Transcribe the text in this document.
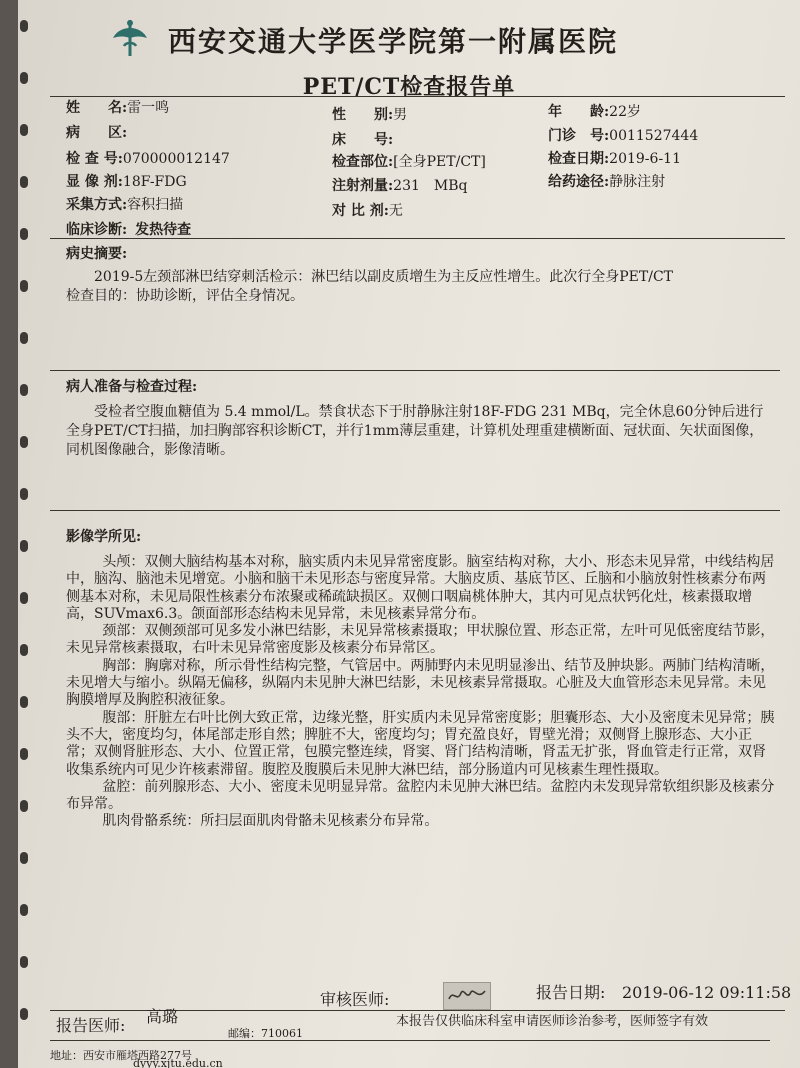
西安交通大学医学院第一附属医院
PET/CT检查报告单
姓　　名:雷一鸣	性　　别:男	年　　龄:22岁
病　　区:	床　　号:	门诊　号:0011527444
检 查 号:070000012147	检查部位:[全身PET/CT]	检查日期:2019-6-11
显 像 剂:18F-FDG	注射剂量:231　MBq	给药途径:静脉注射
采集方式:容积扫描	对 比 剂:无
临床诊断: 发热待查
病史摘要:

2019-5左颈部淋巴结穿刺活检示：淋巴结以副皮质增生为主反应性增生。此次行全身PET/CT

检查目的：协助诊断，评估全身情况。

病人准备与检查过程:

受检者空腹血糖值为 5.4 mmol/L。禁食状态下于肘静脉注射18F-FDG 231 MBq，完全休息60分钟后进行全身PET/CT扫描，加扫胸部容积诊断CT，并行1mm薄层重建，计算机处理重建横断面、冠状面、矢状面图像，同机图像融合，影像清晰。

影像学所见:

头颅：双侧大脑结构基本对称，脑实质内未见异常密度影。脑室结构对称，大小、形态未见异常，中线结构居中，脑沟、脑池未见增宽。小脑和脑干未见形态与密度异常。大脑皮质、基底节区、丘脑和小脑放射性核素分布两侧基本对称，未见局限性核素分布浓聚或稀疏缺损区。双侧口咽扁桃体肿大，其内可见点状钙化灶，核素摄取增高，SUVmax6.3。颌面部形态结构未见异常，未见核素异常分布。

颈部：双侧颈部可见多发小淋巴结影，未见异常核素摄取；甲状腺位置、形态正常，左叶可见低密度结节影，未见异常核素摄取，右叶未见异常密度影及核素分布异常区。

胸部：胸廓对称，所示骨性结构完整，气管居中。两肺野内未见明显渗出、结节及肿块影。两肺门结构清晰，未见增大与缩小。纵隔无偏移，纵隔内未见肿大淋巴结影，未见核素异常摄取。心脏及大血管形态未见异常。未见胸膜增厚及胸腔积液征象。

腹部：肝脏左右叶比例大致正常，边缘光整，肝实质内未见异常密度影；胆囊形态、大小及密度未见异常；胰头不大，密度均匀，体尾部走形自然；脾脏不大，密度均匀；胃充盈良好，胃壁光滑；双侧肾上腺形态、大小正常；双侧肾脏形态、大小、位置正常，包膜完整连续，肾窦、肾门结构清晰，肾盂无扩张，肾血管走行正常，双肾收集系统内可见少许核素滞留。腹腔及腹膜后未见肿大淋巴结，部分肠道内可见核素生理性摄取。

盆腔：前列腺形态、大小、密度未见明显异常。盆腔内未见肿大淋巴结。盆腔内未发现异常软组织影及核素分布异常。

肌肉骨骼系统：所扫层面肌肉骨骼未见核素分布异常。

审核医师:	报告日期: 2019-06-12 09:11:58
报告医师: 高璐	本报告仅供临床科室申请医师诊治参考，医师签字有效
地址：西安市雁塔西路277号
邮编：710061
dyyy.xjtu.edu.cn
